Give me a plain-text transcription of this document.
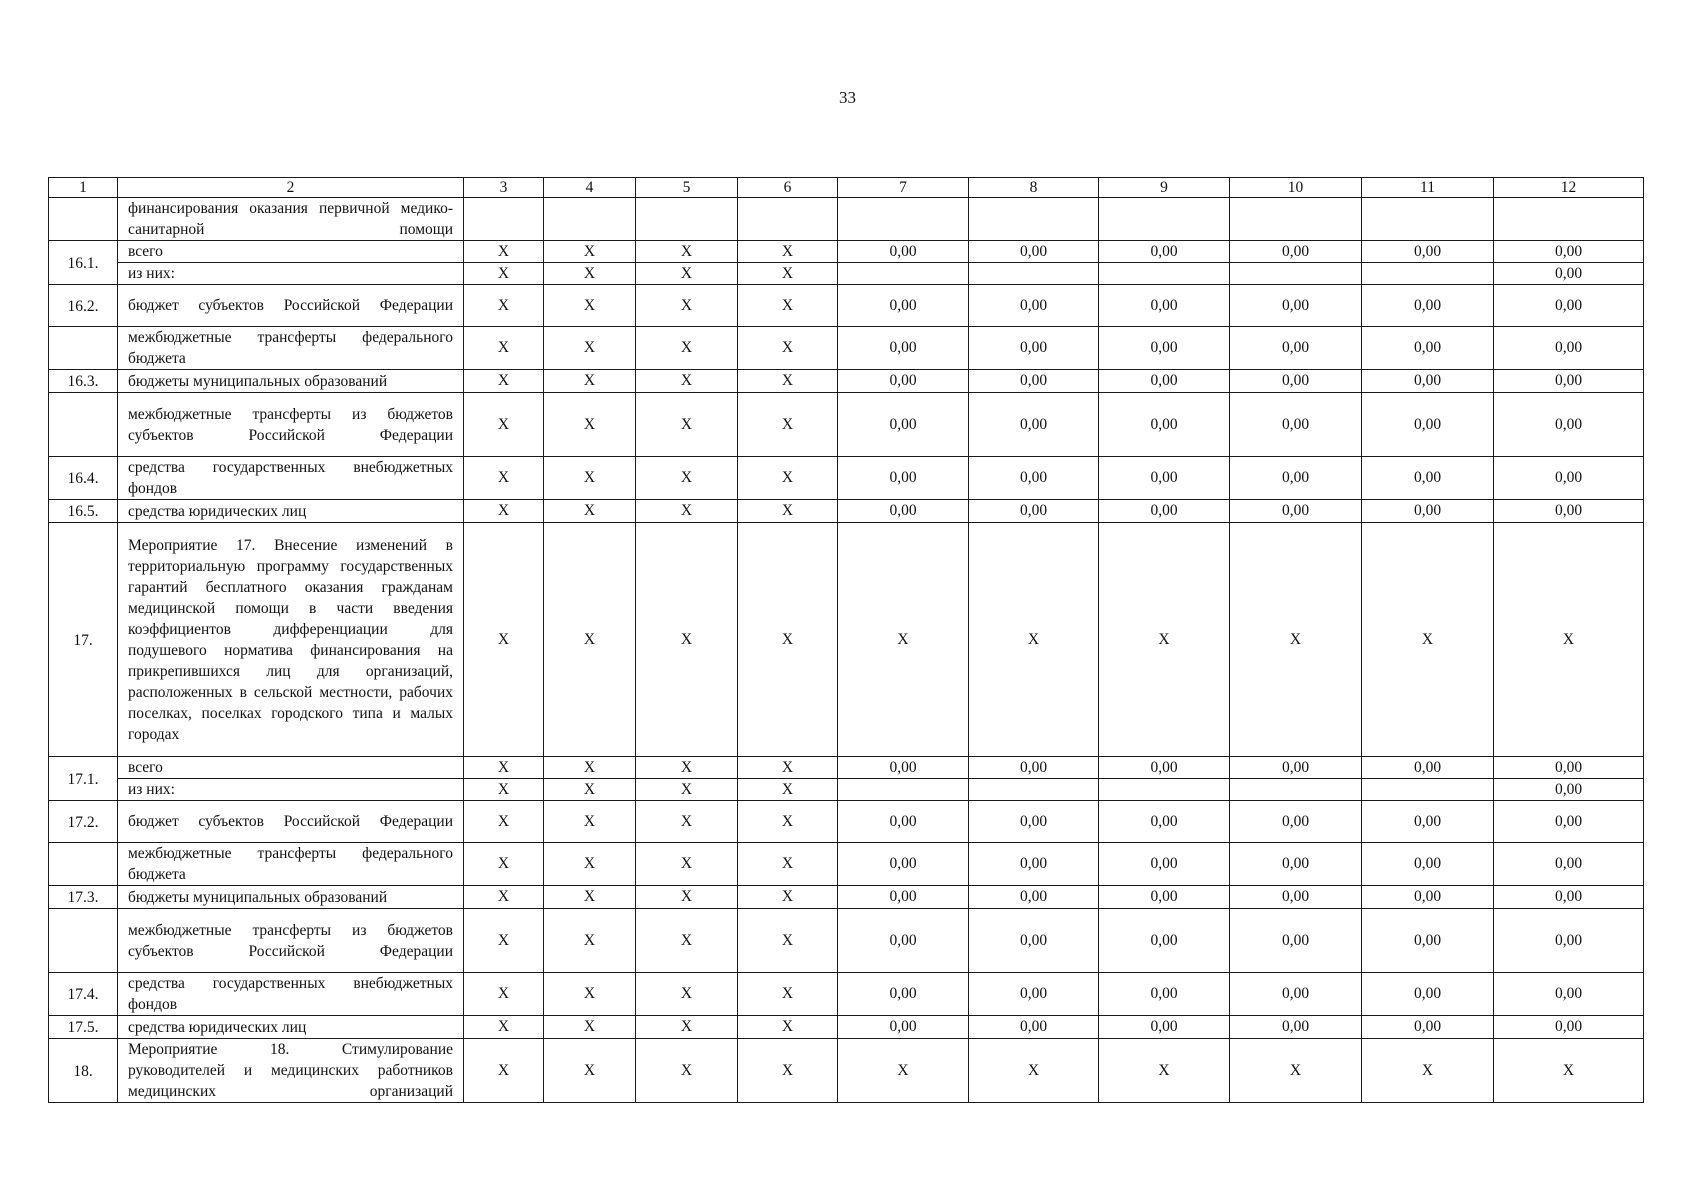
33
1	2	3	4	5	6	7	8	9	10	11	12
	финансирования оказания первичной медико-санитарной помощи										
16.1.	всего	X	X	X	X	0,00	0,00	0,00	0,00	0,00	0,00
	из них:	X	X	X	X						0,00
16.2.	бюджет субъектов Российской Федерации	X	X	X	X	0,00	0,00	0,00	0,00	0,00	0,00
	межбюджетные трансферты федерального бюджета	X	X	X	X	0,00	0,00	0,00	0,00	0,00	0,00
16.3.	бюджеты муниципальных образований	X	X	X	X	0,00	0,00	0,00	0,00	0,00	0,00
	межбюджетные трансферты из бюджетов субъектов Российской Федерации	X	X	X	X	0,00	0,00	0,00	0,00	0,00	0,00
16.4.	средства государственных внебюджетных фондов	X	X	X	X	0,00	0,00	0,00	0,00	0,00	0,00
16.5.	средства юридических лиц	X	X	X	X	0,00	0,00	0,00	0,00	0,00	0,00
17.	Мероприятие 17. Внесение изменений в территориальную программу государственных гарантий бесплатного оказания гражданам медицинской помощи в части введения коэффициентов дифференциации для подушевого норматива финансирования на прикрепившихся лиц для организаций, расположенных в сельской местности, рабочих поселках, поселках городского типа и малых городах	X	X	X	X	X	X	X	X	X	X
17.1.	всего	X	X	X	X	0,00	0,00	0,00	0,00	0,00	0,00
	из них:	X	X	X	X						0,00
17.2.	бюджет субъектов Российской Федерации	X	X	X	X	0,00	0,00	0,00	0,00	0,00	0,00
	межбюджетные трансферты федерального бюджета	X	X	X	X	0,00	0,00	0,00	0,00	0,00	0,00
17.3.	бюджеты муниципальных образований	X	X	X	X	0,00	0,00	0,00	0,00	0,00	0,00
	межбюджетные трансферты из бюджетов субъектов Российской Федерации	X	X	X	X	0,00	0,00	0,00	0,00	0,00	0,00
17.4.	средства государственных внебюджетных фондов	X	X	X	X	0,00	0,00	0,00	0,00	0,00	0,00
17.5.	средства юридических лиц	X	X	X	X	0,00	0,00	0,00	0,00	0,00	0,00
18.	Мероприятие 18. Стимулирование руководителей и медицинских работников медицинских организаций	X	X	X	X	X	X	X	X	X	X
